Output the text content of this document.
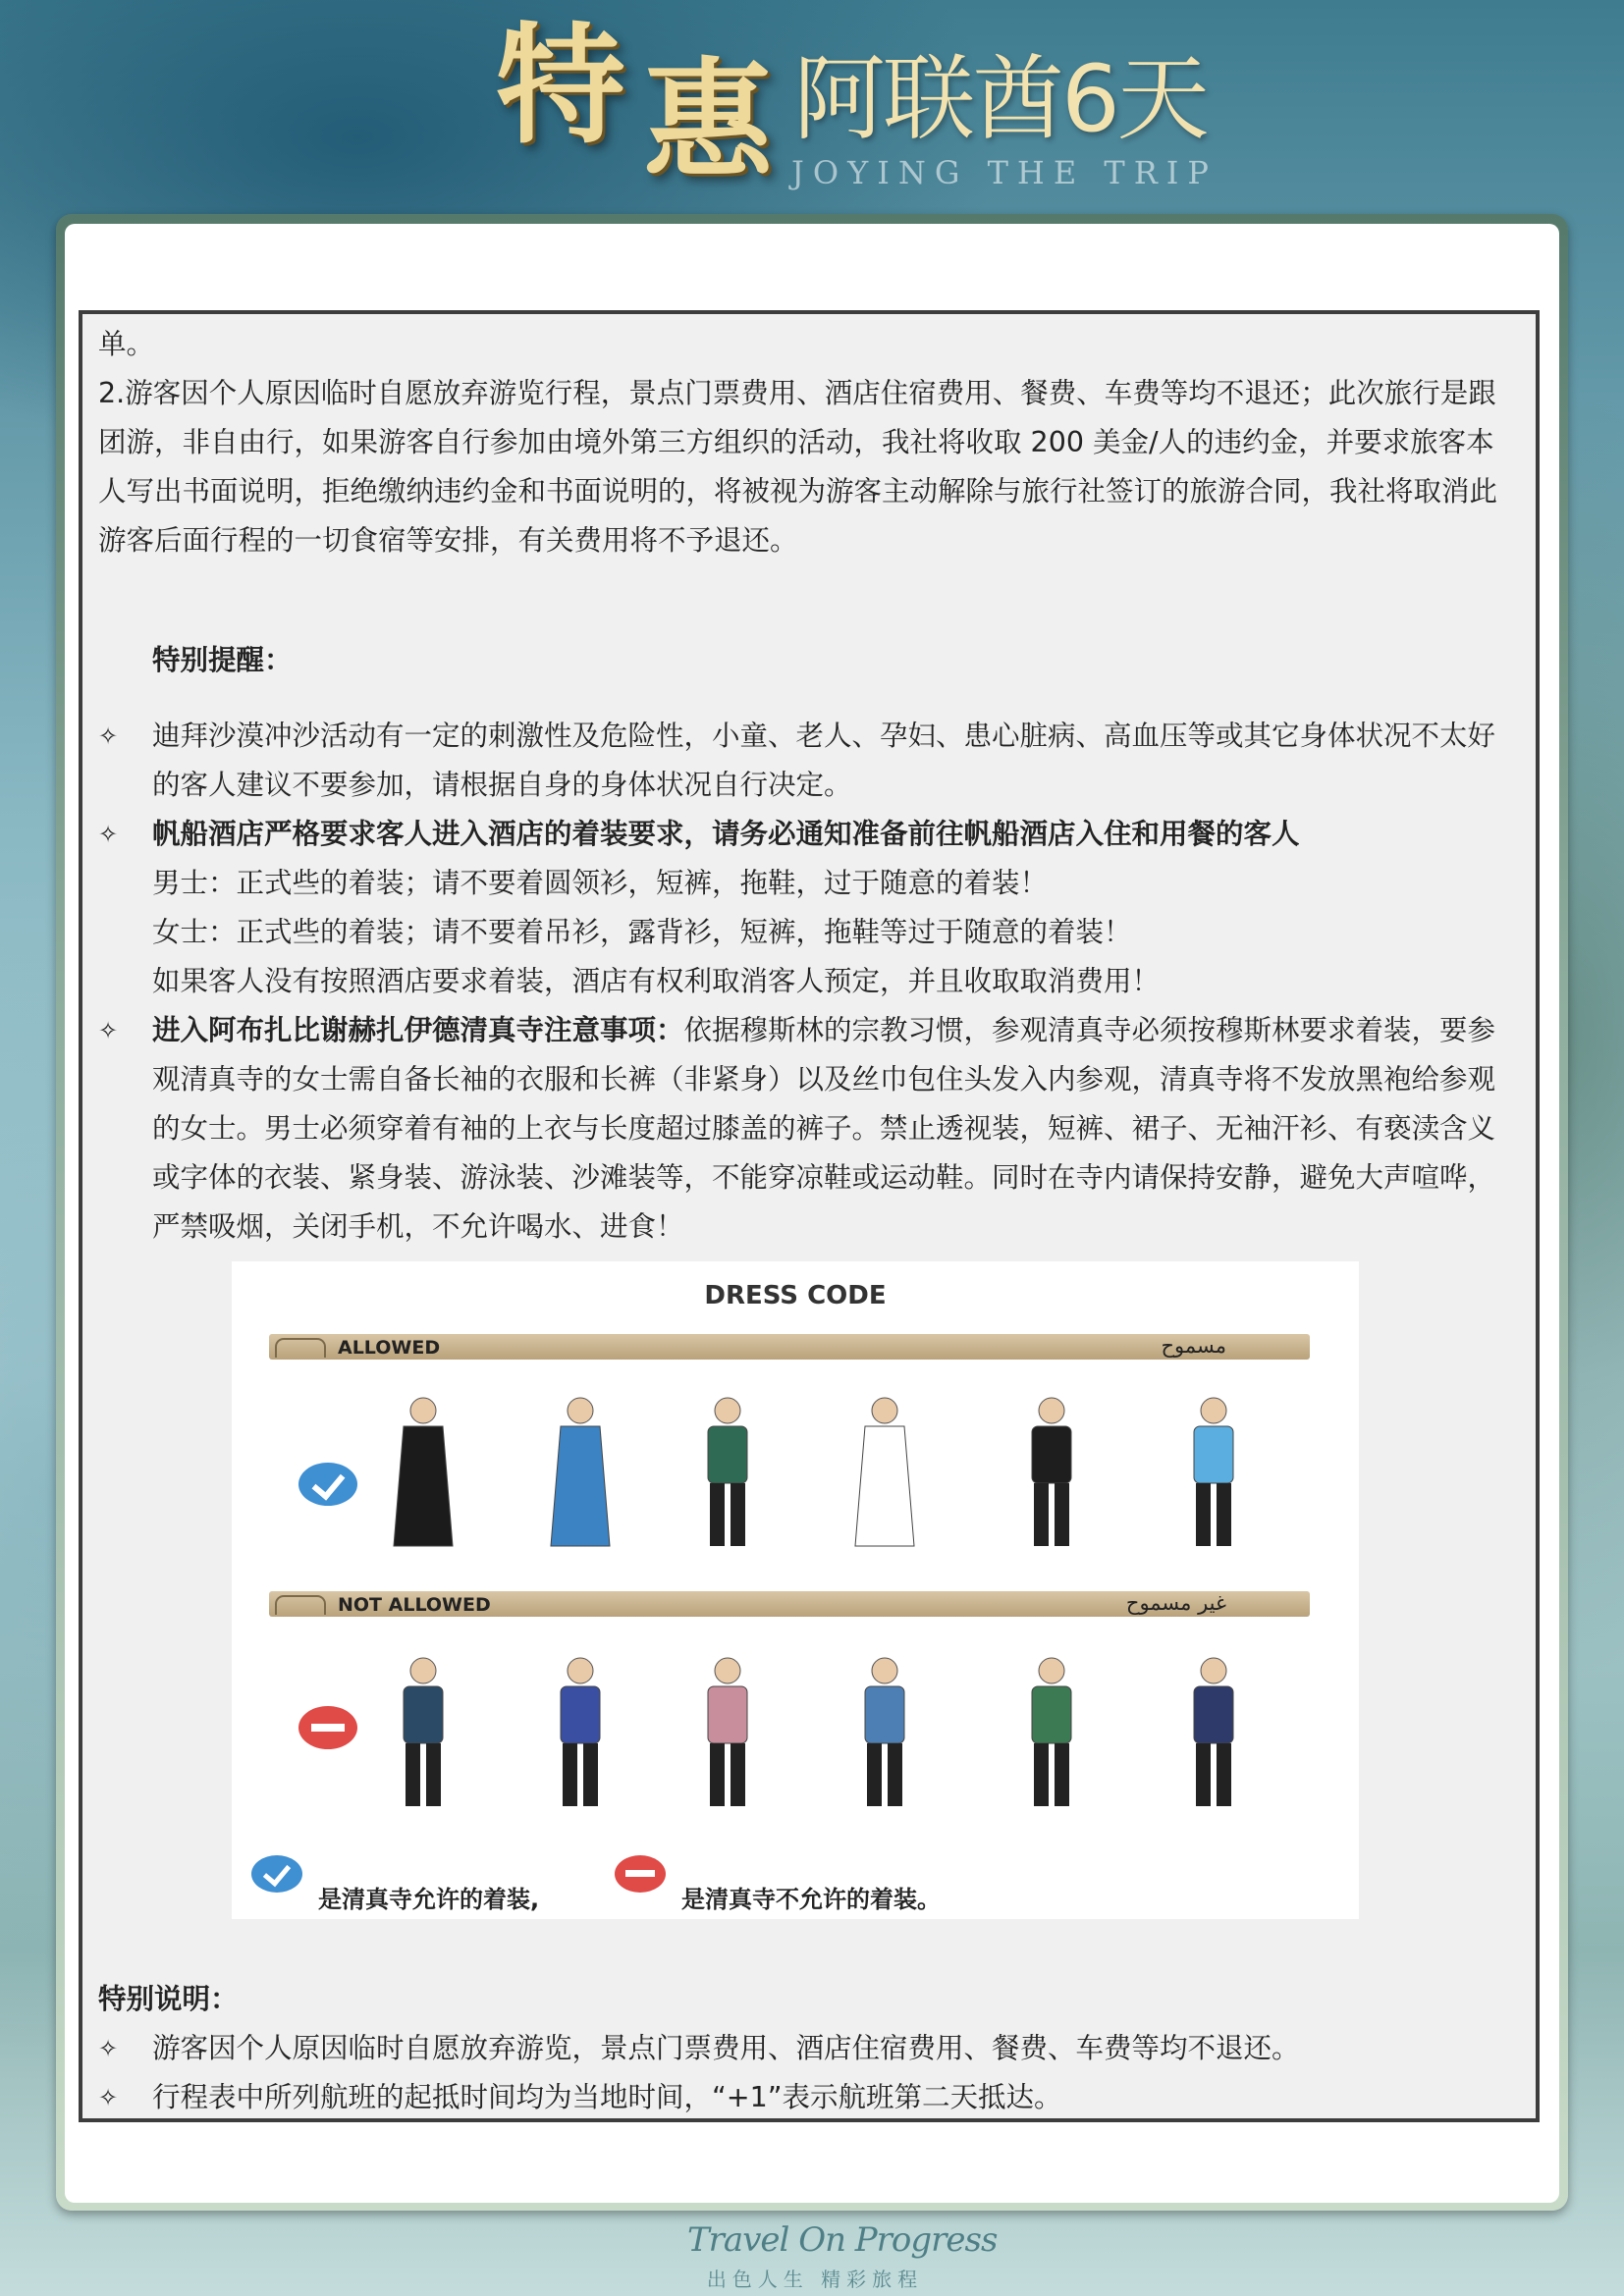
特 惠 阿联酋6天
JOYING THE TRIP
单。
2.游客因个人原因临时自愿放弃游览行程，景点门票费用、酒店住宿费用、餐费、车费等均不退还；此次旅行是跟
团游，非自由行，如果游客自行参加由境外第三方组织的活动，我社将收取 200 美金/人的违约金，并要求旅客本
人写出书面说明，拒绝缴纳违约金和书面说明的，将被视为游客主动解除与旅行社签订的旅游合同，我社将取消此
游客后面行程的一切食宿等安排，有关费用将不予退还。
特别提醒：
✧ 迪拜沙漠冲沙活动有一定的刺激性及危险性，小童、老人、孕妇、患心脏病、高血压等或其它身体状况不太好
的客人建议不要参加，请根据自身的身体状况自行决定。
✧ 帆船酒店严格要求客人进入酒店的着装要求，请务必通知准备前往帆船酒店入住和用餐的客人
男士：正式些的着装；请不要着圆领衫，短裤，拖鞋，过于随意的着装！
女士：正式些的着装；请不要着吊衫，露背衫，短裤，拖鞋等过于随意的着装！
如果客人没有按照酒店要求着装，酒店有权利取消客人预定，并且收取取消费用！
✧ 进入阿布扎比谢赫扎伊德清真寺注意事项：依据穆斯林的宗教习惯，参观清真寺必须按穆斯林要求着装，要参
观清真寺的女士需自备长袖的衣服和长裤（非紧身）以及丝巾包住头发入内参观，清真寺将不发放黑袍给参观
的女士。男士必须穿着有袖的上衣与长度超过膝盖的裤子。禁止透视装，短裤、裙子、无袖汗衫、有亵渎含义
或字体的衣装、紧身装、游泳装、沙滩装等，不能穿凉鞋或运动鞋。同时在寺内请保持安静，避免大声喧哗，
严禁吸烟，关闭手机，不允许喝水、进食！
特别说明：
✧ 游客因个人原因临时自愿放弃游览，景点门票费用、酒店住宿费用、餐费、车费等均不退还。
✧ 行程表中所列航班的起抵时间均为当地时间，“+1”表示航班第二天抵达。
DRESS CODE
ALLOWED	مسموح
NOT ALLOWED	غير مسموح
是清真寺允许的着装,	是清真寺不允许的着装。
Travel On Progress
出色人生 精彩旅程
